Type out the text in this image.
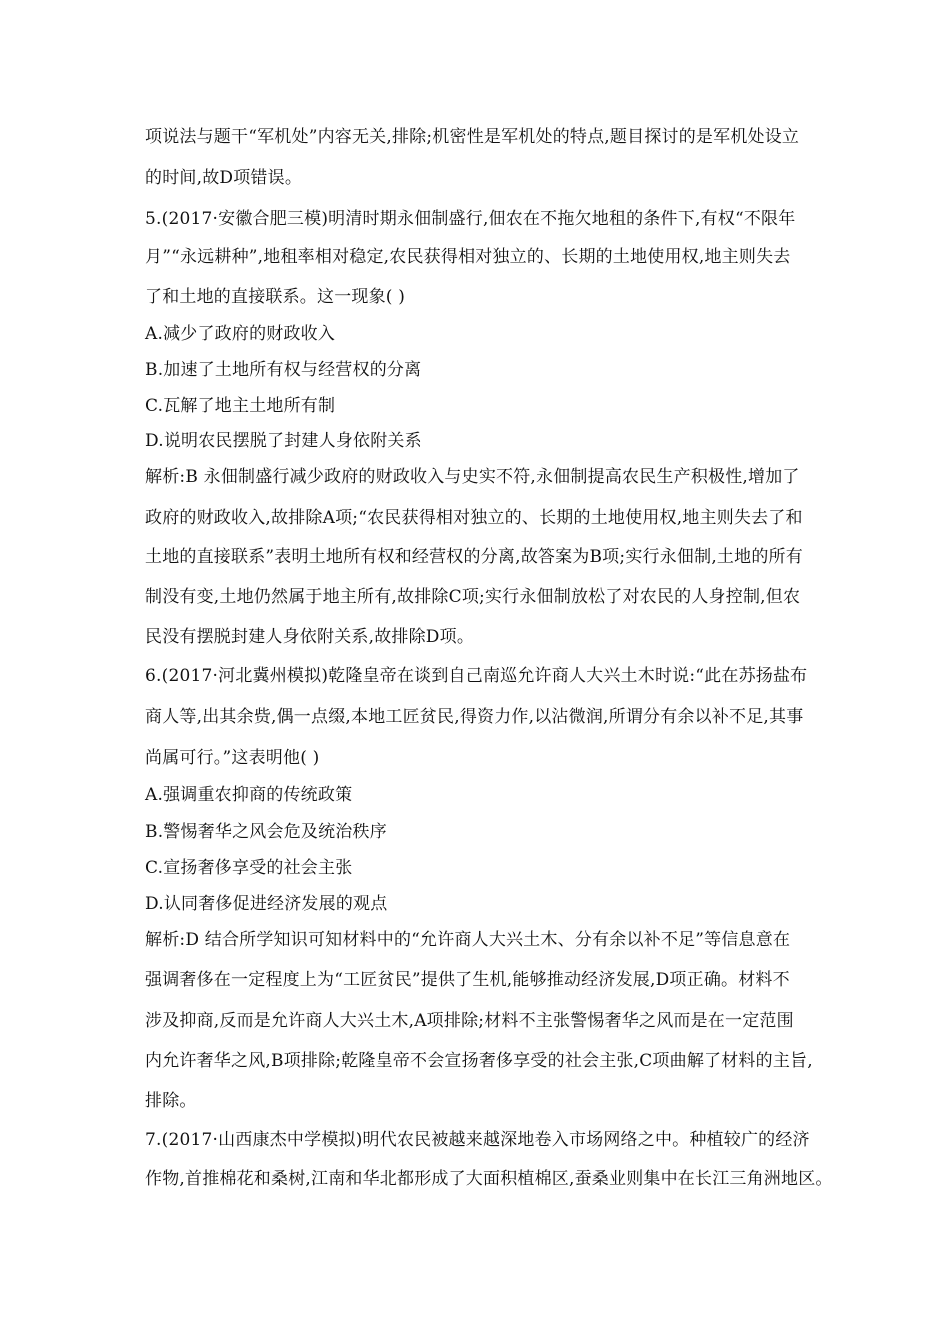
项说法与题干“军机处”内容无关,排除;机密性是军机处的特点,题目探讨的是军机处设立
的时间,故D项错误。
5.(2017·安徽合肥三模)明清时期永佃制盛行,佃农在不拖欠地租的条件下,有权“不限年
月”“永远耕种”,地租率相对稳定,农民获得相对独立的、长期的土地使用权,地主则失去
了和土地的直接联系。这一现象( )
A.减少了政府的财政收入
B.加速了土地所有权与经营权的分离
C.瓦解了地主土地所有制
D.说明农民摆脱了封建人身依附关系
解析:B 永佃制盛行减少政府的财政收入与史实不符,永佃制提高农民生产积极性,增加了
政府的财政收入,故排除A项;“农民获得相对独立的、长期的土地使用权,地主则失去了和
土地的直接联系”表明土地所有权和经营权的分离,故答案为B项;实行永佃制,土地的所有
制没有变,土地仍然属于地主所有,故排除C项;实行永佃制放松了对农民的人身控制,但农
民没有摆脱封建人身依附关系,故排除D项。
6.(2017·河北冀州模拟)乾隆皇帝在谈到自己南巡允许商人大兴土木时说:“此在苏扬盐布
商人等,出其余赀,偶一点缀,本地工匠贫民,得资力作,以沾微润,所谓分有余以补不足,其事
尚属可行。”这表明他( )
A.强调重农抑商的传统政策
B.警惕奢华之风会危及统治秩序
C.宣扬奢侈享受的社会主张
D.认同奢侈促进经济发展的观点
解析:D 结合所学知识可知材料中的“允许商人大兴土木、分有余以补不足”等信息意在
强调奢侈在一定程度上为“工匠贫民”提供了生机,能够推动经济发展,D项正确。材料不
涉及抑商,反而是允许商人大兴土木,A项排除;材料不主张警惕奢华之风而是在一定范围
内允许奢华之风,B项排除;乾隆皇帝不会宣扬奢侈享受的社会主张,C项曲解了材料的主旨,
排除。
7.(2017·山西康杰中学模拟)明代农民被越来越深地卷入市场网络之中。种植较广的经济
作物,首推棉花和桑树,江南和华北都形成了大面积植棉区,蚕桑业则集中在长江三角洲地区。
